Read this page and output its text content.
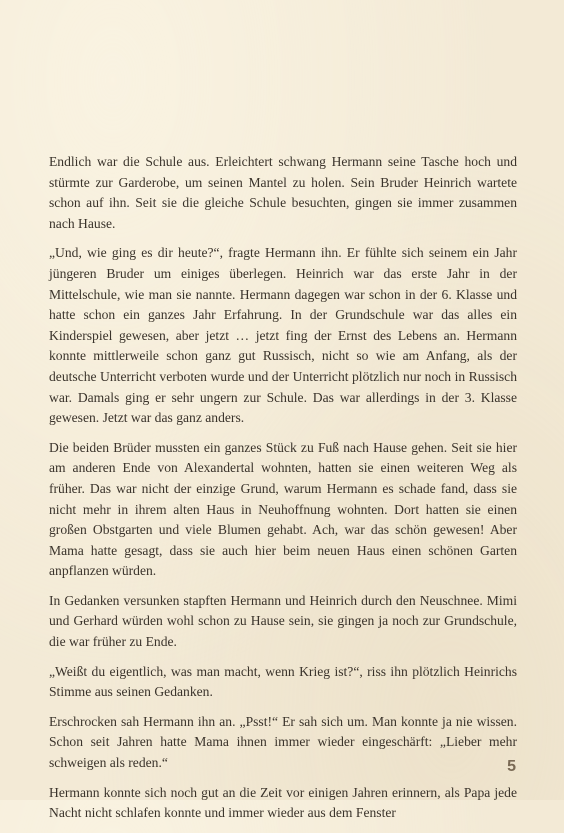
Endlich war die Schule aus. Erleichtert schwang Hermann seine Tasche hoch und stürmte zur Garderobe, um seinen Mantel zu holen. Sein Bruder Heinrich wartete schon auf ihn. Seit sie die gleiche Schule besuchten, gingen sie immer zusammen nach Hause.

„Und, wie ging es dir heute?“, fragte Hermann ihn. Er fühlte sich seinem ein Jahr jüngeren Bruder um einiges überlegen. Heinrich war das erste Jahr in der Mittelschule, wie man sie nannte. Hermann dagegen war schon in der 6. Klasse und hatte schon ein ganzes Jahr Erfahrung. In der Grundschule war das alles ein Kinderspiel gewesen, aber jetzt … jetzt fing der Ernst des Lebens an. Hermann konnte mittlerweile schon ganz gut Russisch, nicht so wie am Anfang, als der deutsche Unterricht verboten wurde und der Unterricht plötzlich nur noch in Russisch war. Damals ging er sehr ungern zur Schule. Das war allerdings in der 3. Klasse gewesen. Jetzt war das ganz anders.

Die beiden Brüder mussten ein ganzes Stück zu Fuß nach Hause gehen. Seit sie hier am anderen Ende von Alexandertal wohnten, hatten sie einen weiteren Weg als früher. Das war nicht der einzige Grund, warum Hermann es schade fand, dass sie nicht mehr in ihrem alten Haus in Neuhoffnung wohnten. Dort hatten sie einen großen Obstgarten und viele Blumen gehabt. Ach, war das schön gewesen! Aber Mama hatte gesagt, dass sie auch hier beim neuen Haus einen schönen Garten anpflanzen würden.

In Gedanken versunken stapften Hermann und Heinrich durch den Neuschnee. Mimi und Gerhard würden wohl schon zu Hause sein, sie gingen ja noch zur Grundschule, die war früher zu Ende.

„Weißt du eigentlich, was man macht, wenn Krieg ist?“, riss ihn plötzlich Heinrichs Stimme aus seinen Gedanken.

Erschrocken sah Hermann ihn an. „Psst!“ Er sah sich um. Man konnte ja nie wissen. Schon seit Jahren hatte Mama ihnen immer wieder eingeschärft: „Lieber mehr schweigen als reden.“

Hermann konnte sich noch gut an die Zeit vor einigen Jahren erinnern, als Papa jede Nacht nicht schlafen konnte und immer wieder aus dem Fenster

5
